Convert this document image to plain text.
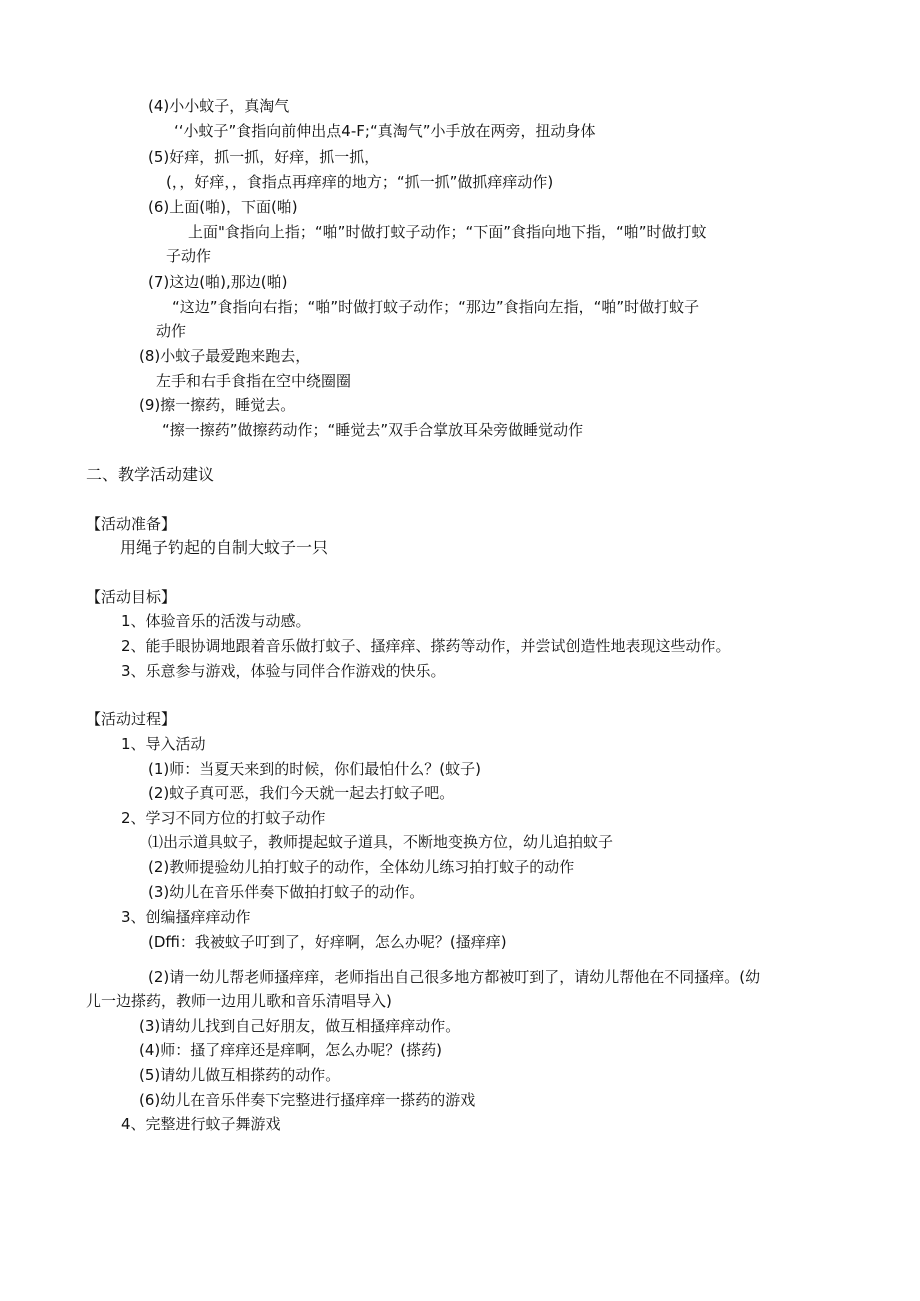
(4)小小蚊子，真淘气
‘‘小蚊子”食指向前伸出点4-F;“真淘气”小手放在两旁，扭动身体
(5)好痒，抓一抓，好痒，抓一抓，
(，，好痒，，食指点再痒痒的地方；“抓一抓”做抓痒痒动作)
(6)上面(啪)，下面(啪)
上面"食指向上指；“啪”时做打蚊子动作；“下面”食指向地下指，“啪”时做打蚊
子动作
(7)这边(啪),那边(啪)
“这边”食指向右指；“啪”时做打蚊子动作；“那边”食指向左指，“啪”时做打蚊子
动作
(8)小蚊子最爱跑来跑去，
左手和右手食指在空中绕圈圈
(9)擦一擦药，睡觉去。
“擦一擦药”做擦药动作；“睡觉去”双手合掌放耳朵旁做睡觉动作
二、教学活动建议
【活动准备】
用绳子钓起的自制大蚊子一只
【活动目标】
1、体验音乐的活泼与动感。
2、能手眼协调地跟着音乐做打蚊子、搔痒痒、搽药等动作，并尝试创造性地表现这些动作。
3、乐意参与游戏，体验与同伴合作游戏的快乐。
【活动过程】
1、导入活动
(1)师：当夏天来到的时候，你们最怕什么？(蚊子)
(2)蚊子真可恶，我们今天就一起去打蚊子吧。
2、学习不同方位的打蚊子动作
⑴出示道具蚊子，教师提起蚊子道具，不断地变换方位，幼儿追拍蚊子
(2)教师提验幼儿拍打蚊子的动作，全体幼儿练习拍打蚊子的动作
(3)幼儿在音乐伴奏下做拍打蚊子的动作。
3、创编搔痒痒动作
(Dffi：我被蚊子叮到了，好痒啊，怎么办呢？(搔痒痒)
(2)请一幼儿帮老师搔痒痒，老师指出自己很多地方都被叮到了，请幼儿帮他在不同搔痒。(幼
儿一边搽药，教师一边用儿歌和音乐清唱导入)
(3)请幼儿找到自己好朋友，做互相搔痒痒动作。
(4)师：搔了痒痒还是痒啊，怎么办呢？(搽药)
(5)请幼儿做互相搽药的动作。
(6)幼儿在音乐伴奏下完整进行搔痒痒一搽药的游戏
4、完整进行蚊子舞游戏
